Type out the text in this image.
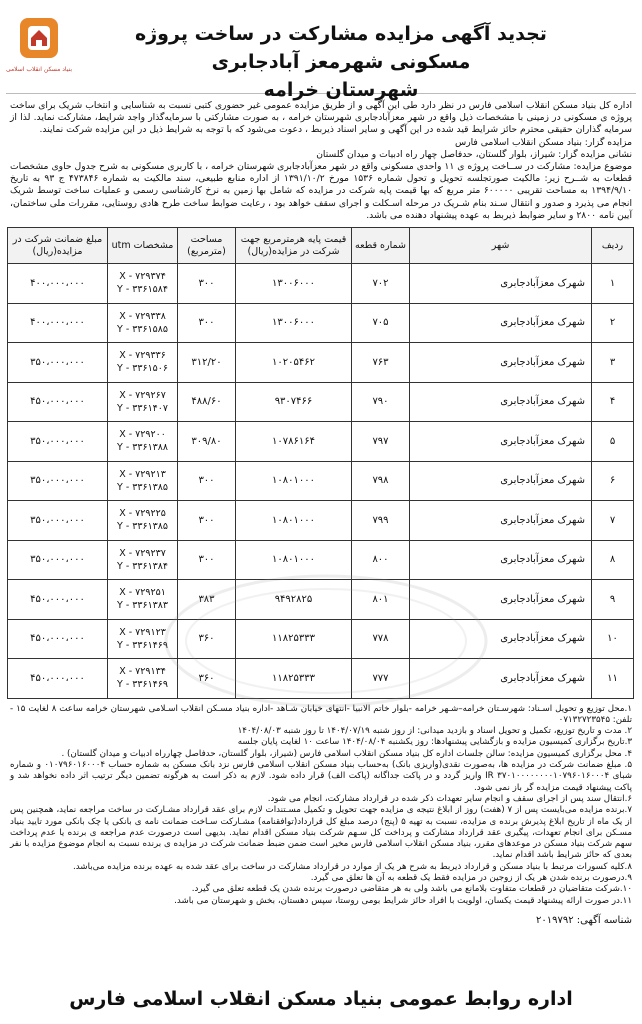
تجدید آگهی مزایده مشارکت در ساخت پروژه مسکونی شهرمعز آبادجابری
شهرستان خرامه
بنیاد مسکن انقلاب اسلامی

اداره کل بنیاد مسکن انقلاب اسلامی فارس در نظر دارد طی این آگهی و از طریق مزایده عمومی غیر حضوری کتبی نسبت به شناسایی و انتخاب شریک برای ساخت پروژه ی مسکونی در زمینی با مشخصات ذیل واقع در شهر معزآبادجابری شهرستان خرامه ، به صورت مشارکتی با سرمایه‌گذار واجد شرایط، مشارکت نماید. لذا از سرمایه گذاران حقیقی محترم حائز شرایط قید شده در این آگهی و سایر اسناد ذیربط ، دعوت می‌شود که با توجه به شرایط ذیل در این مزایده شرکت نمایند.

مزایده گزار: بنیاد مسکن انقلاب اسلامی فارس

نشانی مزایده گزار: شیراز، بلوار گلستان، حدفاصل چهار راه ادبیات و میدان گلستان

موضوع مزایده: مشارکت در ســاخت پروژه ی ۱۱ واحدی مسکونی واقع در شهر معزآبادجابری شهرستان خرامه ، با کاربری مسکونی به شرح جدول حاوی مشخصات قطعات به شــرح زیر: مالکیت صورتجلسه تحویل و تحول شماره ۱۵۳۶ مورخ ۱۳۹۱/۱۰/۲ از اداره منابع طبیعی، سند مالکیت به شماره ۴۷۳۸۴۶ ج ۹۳ به تاریخ ۱۳۹۴/۹/۱۰ به مساحت تقریبی ۶۰۰۰۰۰ متر مربع که بها قیمت پایه شرکت در مزایده که شامل بها زمین به نرخ کارشناسی رسمی و عملیات ساخت توسط شریک انجام می پذیرد و صدور و انتقال سـند بنام شـریک در مرحله اسـکلت و اجرای سقف خواهد بود ، رعایت ضوابط ساخت طرح هادی روستایی، مقررات ملی ساختمان، آیین نامه ۲۸۰۰ و سایر ضوابط ذیربط به عهده پیشنهاد دهنده می باشد.

ردیف	شهر	شماره قطعه	قیمت پایه هرمترمربع جهت شرکت در مزایده(ریال)	مساحت (مترمربع)	مشخصات utm	مبلغ ضمانت شرکت در مزایده(ریال)
۱	شهرک معزآبادجابری	۷۰۲	۱۳۰۰۶۰۰۰	۳۰۰	X - ۷۲۹۳۷۴
Y - ۳۳۶۱۵۸۴	۴۰۰،۰۰۰،۰۰۰
۲	شهرک معزآبادجابری	۷۰۵	۱۳۰۰۶۰۰۰	۳۰۰	X - ۷۲۹۳۳۸
Y - ۳۳۶۱۵۸۵	۴۰۰،۰۰۰،۰۰۰
۳	شهرک معزآبادجابری	۷۶۳	۱۰۲۰۵۴۶۲	۳۱۲/۲۰	X - ۷۲۹۳۳۶
Y - ۳۳۶۱۵۰۶	۳۵۰،۰۰۰،۰۰۰
۴	شهرک معزآبادجابری	۷۹۰	۹۳۰۷۴۶۶	۴۸۸/۶۰	X - ۷۲۹۲۶۷
Y - ۳۳۶۱۴۰۷	۴۵۰،۰۰۰،۰۰۰
۵	شهرک معزآبادجابری	۷۹۷	۱۰۷۸۶۱۶۴	۳۰۹/۸۰	X - ۷۲۹۲۰۰
Y - ۳۳۶۱۳۸۸	۳۵۰،۰۰۰،۰۰۰
۶	شهرک معزآبادجابری	۷۹۸	۱۰۸۰۱۰۰۰	۳۰۰	X - ۷۲۹۲۱۳
Y - ۳۳۶۱۳۸۵	۳۵۰،۰۰۰،۰۰۰
۷	شهرک معزآبادجابری	۷۹۹	۱۰۸۰۱۰۰۰	۳۰۰	X - ۷۲۹۲۲۵
Y - ۳۳۶۱۳۸۵	۳۵۰،۰۰۰،۰۰۰
۸	شهرک معزآبادجابری	۸۰۰	۱۰۸۰۱۰۰۰	۳۰۰	X - ۷۲۹۲۳۷
Y - ۳۳۶۱۳۸۴	۳۵۰،۰۰۰،۰۰۰
۹	شهرک معزآبادجابری	۸۰۱	۹۴۹۲۸۲۵	۳۸۳	X - ۷۲۹۲۵۱
Y - ۳۳۶۱۳۸۳	۴۵۰،۰۰۰،۰۰۰
۱۰	شهرک معزآبادجابری	۷۷۸	۱۱۸۲۵۳۳۳	۳۶۰	X - ۷۲۹۱۲۳
Y - ۳۳۶۱۴۶۹	۴۵۰،۰۰۰،۰۰۰
۱۱	شهرک معزآبادجابری	۷۷۷	۱۱۸۲۵۳۳۳	۳۶۰	X - ۷۲۹۱۳۴
Y - ۳۳۶۱۴۶۹	۴۵۰،۰۰۰،۰۰۰

۱.محل توزیع و تحویل اسـناد: شهرسـتان خرامه–شـهر خرامه -بلوار خاتم الانبیا -انتهای خیابان شـاهد -اداره بنیاد مسـکن انقلاب اسـلامی شهرستان خرامه ساعت ۸ لغایت ۱۵ - تلفن: ۰۷۱۳۲۷۲۳۵۴۵

۲. مدت و تاریخ توزیع، تکمیل و تحویل اسناد و بازدید میدانی: از روز شنبه ۱۴۰۴/۰۷/۱۹ تا روز شنبه ۱۴۰۴/۰۸/۰۳

۳.تاریخ برگزاری کمیسیون مزایده و بازگشایی پیشنهادها: روز یکشنبه ۱۴۰۴/۰۸/۰۴ ساعت ۱۰ لغایت پایان جلسه

۴. محل برگزاری کمیسیون مزایده: سالن جلسات اداره کل بنیاد مسکن انقلاب اسلامی فارس (شیراز، بلوار گلستان، حدفاصل چهارراه ادبیات و میدان گلستان) .

۵. مبلغ ضمانت شرکت در مزایده ها، به‌صورت نقدی(واریزی بانک) به‌حساب بنیاد مسکن انقلاب اسلامی فارس نزد بانک مسکن به شماره حساب ۰۱۰۷۹۶۰۱۶۰۰۰۴ و شماره شبای IR ۳۷۰۱۰۰۰۰۰۰۰۰۱۰۷۹۶۰۱۶۰۰۰۴ واریز گردد و در پاکت جداگانه (پاکت الف) قرار داده شود. لازم به ذکر است به هرگونه تضمین دیگر ترتیب اثر داده نخواهد شد و پاکت پیشنهاد قیمت مزایده گر باز نمی شود.

۶.انتقال سند پس از اجرای سقف و انجام سایر تعهدات ذکر شده در قرارداد مشارکت، انجام می شود.

۷.برنده مزایده می‌بایست پس از ۷ (هفت) روز از ابلاغ نتیجه ی مزایده جهت تحویل و تکمیل مسـتندات لازم برای عقد قرارداد مشـارکت در ساخت مراجعه نماید، همچنین پس از یک ماه از تاریخ ابلاغ پذیرش برنده ی مزایده، نسبت به تهیه ۵ (پنج) درصد مبلغ کل قرارداد(توافقنامه) مشـارکت سـاخت ضمانت نامه ی بانکی یا چک بانکی مورد تایید بنیاد مسـکن برای انجام تعهدات، پیگیری عقد قرارداد مشارکت و پرداخت کل سـهم شرکت بنیاد مسکن اقدام نماید. بدیهی است درصورت عدم مراجعه ی برنده یا عدم پرداخت سهم شرکت بنیاد مسکن در موعدهای مقرر، بنیاد مسکن انقلاب اسلامی فارس مخیر است ضمن ضبط ضمانت شرکت در مزایده ی برنده نسبت به انجام موضوع مزایده با نفر بعدی که حائز شرایط باشد اقدام نماید.

۸.کلیه کسورات مرتبط با بنیاد مسکن و قرارداد ذیربط به شرح هر یک از موارد در قرارداد مشارکت در ساخت برای عقد شده به عهده برنده مزایده می‌باشد.

۹.درصورت برنده شدن هر یک از زوجین در مزایده فقط یک قطعه به آن ها تعلق می گیرد.

۱۰.شرکت متقاضیان در قطعات متفاوت بلامانع می باشد ولی به هر متقاضی درصورت برنده شدن یک قطعه تعلق می گیرد.

۱۱.در صورت ارائه پیشنهاد قیمت یکسان، اولویت با افراد حائز شرایط بومی روستا، سپس دهستان، بخش و شهرستان می باشد.

شناسه آگهی: ۲۰۱۹۷۹۲
اداره روابط عمومی بنیاد مسکن انقلاب اسلامی فارس
